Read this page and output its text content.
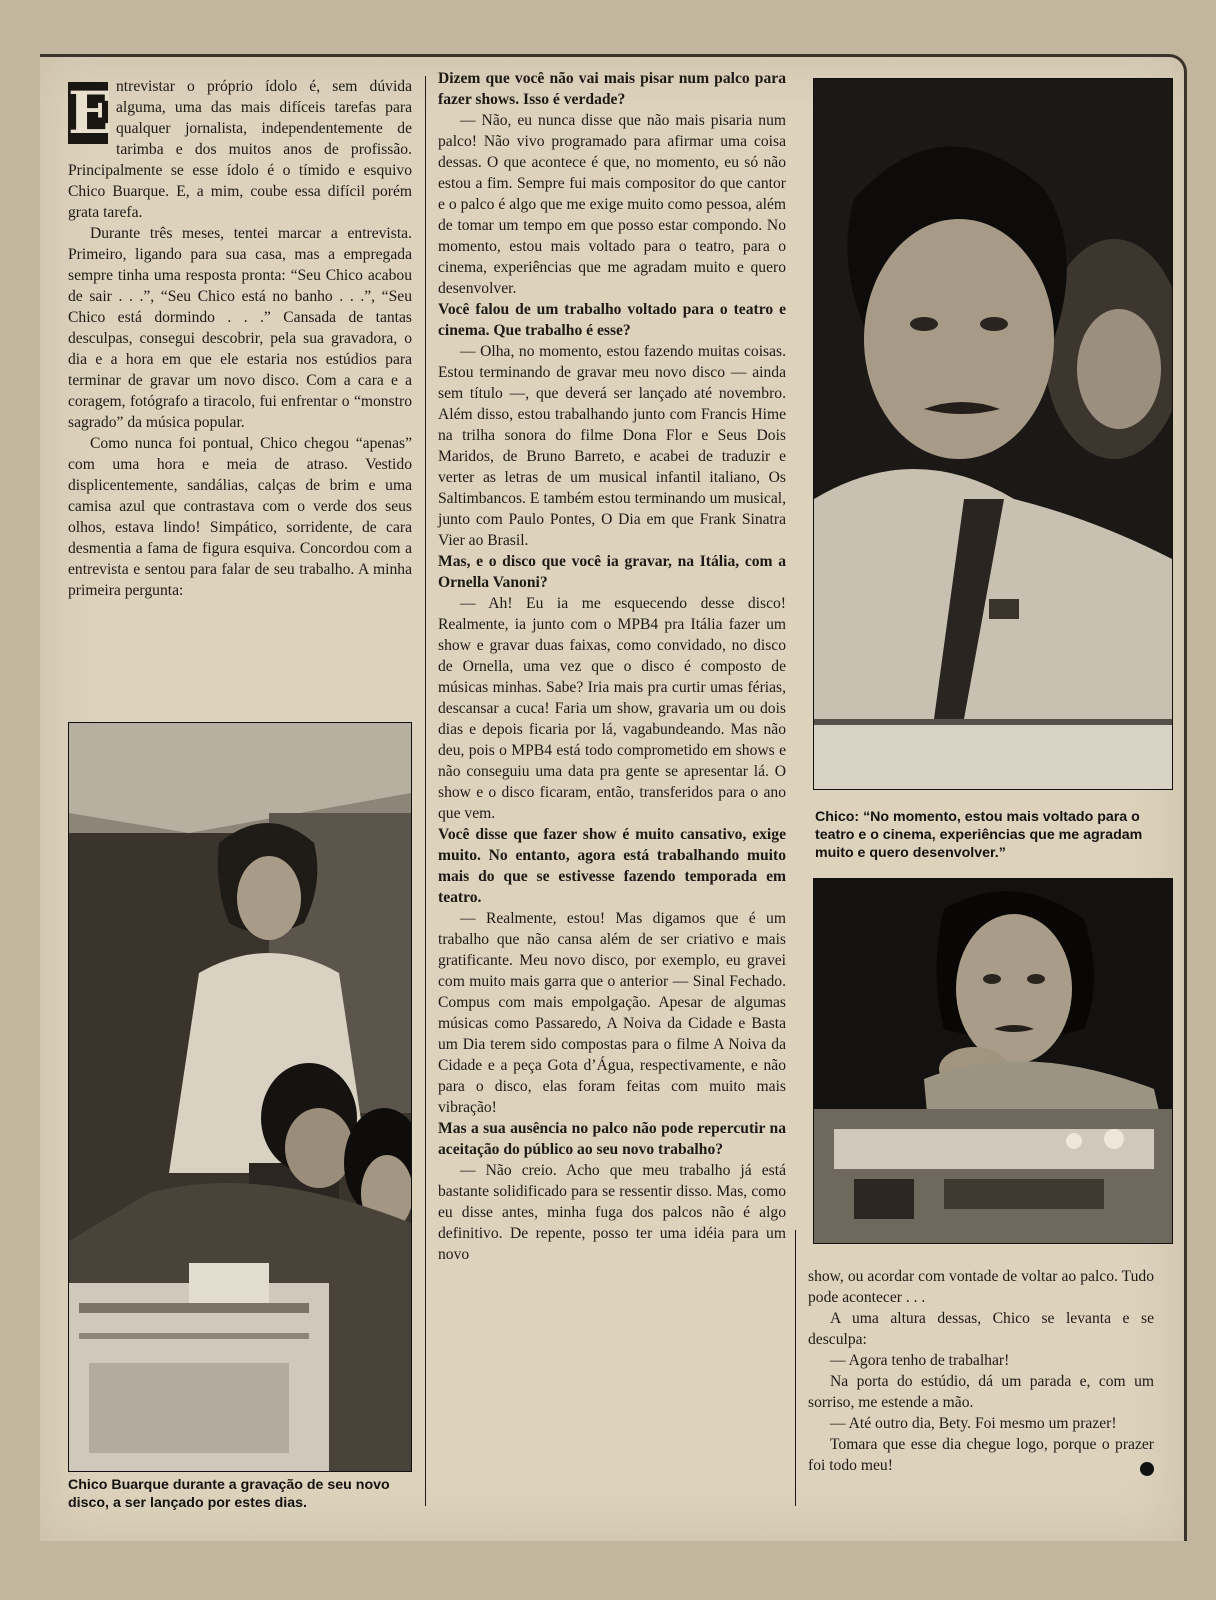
E ntrevistar o próprio ídolo é, sem dúvida alguma, uma das mais difíceis tarefas para qualquer jornalista, independentemente de tarimba e dos muitos anos de profissão. Principalmente se esse ídolo é o tímido e esquivo Chico Buarque. E, a mim, coube essa difícil porém grata tarefa.

Durante três meses, tentei marcar a entrevista. Primeiro, ligando para sua casa, mas a empregada sempre tinha uma resposta pronta: “Seu Chico acabou de sair . . .”, “Seu Chico está no banho . . .”, “Seu Chico está dormindo . . .” Cansada de tantas desculpas, consegui descobrir, pela sua gravadora, o dia e a hora em que ele estaria nos estúdios para terminar de gravar um novo disco. Com a cara e a coragem, fotógrafo a tiracolo, fui enfrentar o “monstro sagrado” da música popular.

Como nunca foi pontual, Chico chegou “apenas” com uma hora e meia de atraso. Vestido displicentemente, sandálias, calças de brim e uma camisa azul que contrastava com o verde dos seus olhos, estava lindo! Simpático, sorridente, de cara desmentia a fama de figura esquiva. Concordou com a entrevista e sentou para falar de seu trabalho. A minha primeira pergunta:

Chico Buarque durante a gravação de seu novo disco, a ser lançado por estes dias.

Dizem que você não vai mais pisar num palco para fazer shows. Isso é verdade?

— Não, eu nunca disse que não mais pisaria num palco! Não vivo programado para afirmar uma coisa dessas. O que acontece é que, no momento, eu só não estou a fim. Sempre fui mais compositor do que cantor e o palco é algo que me exige muito como pessoa, além de tomar um tempo em que posso estar compondo. No momento, estou mais voltado para o teatro, para o cinema, experiências que me agradam muito e quero desenvolver.

Você falou de um trabalho voltado para o teatro e cinema. Que trabalho é esse?

— Olha, no momento, estou fazendo muitas coisas. Estou terminando de gravar meu novo disco — ainda sem título —, que deverá ser lançado até novembro. Além disso, estou trabalhando junto com Francis Hime na trilha sonora do filme Dona Flor e Seus Dois Maridos, de Bruno Barreto, e acabei de traduzir e verter as letras de um musical infantil italiano, Os Saltimbancos. E também estou terminando um musical, junto com Paulo Pontes, O Dia em que Frank Sinatra Vier ao Brasil.

Mas, e o disco que você ia gravar, na Itália, com a Ornella Vanoni?

— Ah! Eu ia me esquecendo desse disco! Realmente, ia junto com o MPB4 pra Itália fazer um show e gravar duas faixas, como convidado, no disco de Ornella, uma vez que o disco é composto de músicas minhas. Sabe? Iria mais pra curtir umas férias, descansar a cuca! Faria um show, gravaria um ou dois dias e depois ficaria por lá, vagabundeando. Mas não deu, pois o MPB4 está todo comprometido em shows e não conseguiu uma data pra gente se apresentar lá. O show e o disco ficaram, então, transferidos para o ano que vem.

Você disse que fazer show é muito cansativo, exige muito. No entanto, agora está trabalhando muito mais do que se estivesse fazendo temporada em teatro.

— Realmente, estou! Mas digamos que é um trabalho que não cansa além de ser criativo e mais gratificante. Meu novo disco, por exemplo, eu gravei com muito mais garra que o anterior — Sinal Fechado. Compus com mais empolgação. Apesar de algumas músicas como Passaredo, A Noiva da Cidade e Basta um Dia terem sido compostas para o filme A Noiva da Cidade e a peça Gota d’Água, respectivamente, e não para o disco, elas foram feitas com muito mais vibração!

Mas a sua ausência no palco não pode repercutir na aceitação do público ao seu novo trabalho?

— Não creio. Acho que meu trabalho já está bastante solidificado para se ressentir disso. Mas, como eu disse antes, minha fuga dos palcos não é algo definitivo. De repente, posso ter uma idéia para um novo

Chico: “No momento, estou mais voltado para o teatro e o cinema, experiências que me agradam muito e quero desenvolver.”

show, ou acordar com vontade de voltar ao palco. Tudo pode acontecer . . .

A uma altura dessas, Chico se levanta e se desculpa:

— Agora tenho de trabalhar!

Na porta do estúdio, dá um parada e, com um sorriso, me estende a mão.

— Até outro dia, Bety. Foi mesmo um prazer!

Tomara que esse dia chegue logo, porque o prazer foi todo meu!
